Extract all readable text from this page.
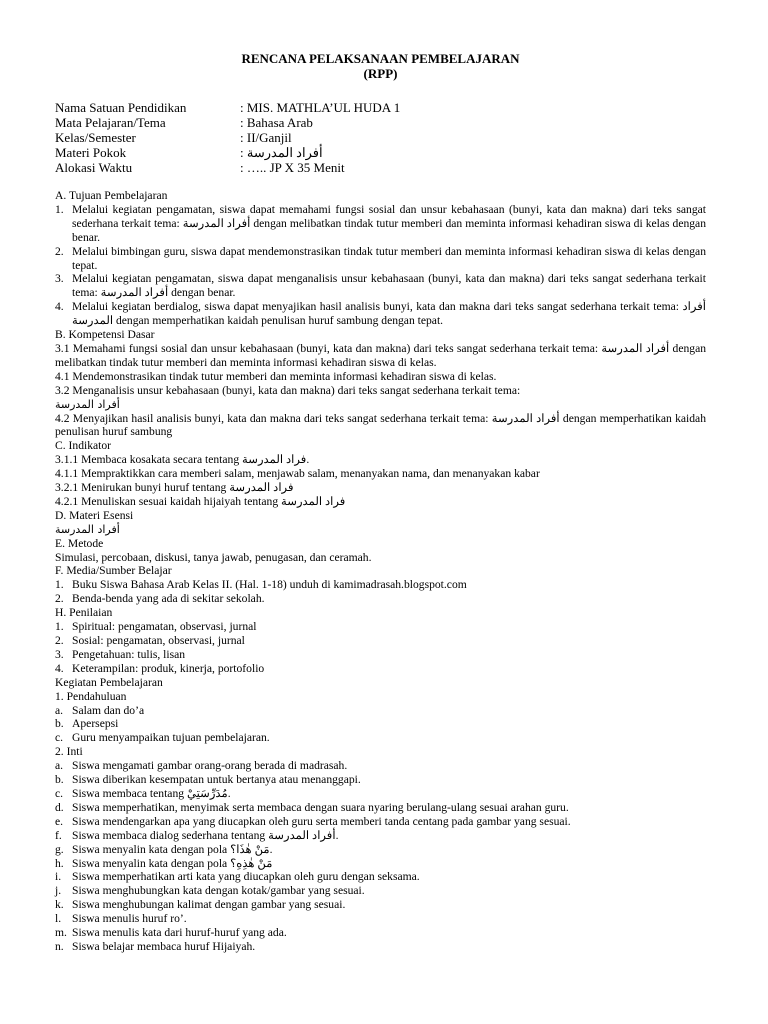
RENCANA PELAKSANAAN PEMBELAJARAN
(RPP)
Nama Satuan Pendidikan	: MIS. MATHLA’UL HUDA 1
Mata Pelajaran/Tema	: Bahasa Arab
Kelas/Semester	: II/Ganjil
Materi Pokok	: أفراد المدرسة
Alokasi Waktu	: ….. JP X 35 Menit
A. Tujuan Pembelajaran
1. Melalui kegiatan pengamatan, siswa dapat memahami fungsi sosial dan unsur kebahasaan (bunyi, kata dan makna) dari teks sangat sederhana terkait tema: أفراد المدرسة dengan melibatkan tindak tutur memberi dan meminta informasi kehadiran siswa di kelas dengan benar.
2. Melalui bimbingan guru, siswa dapat mendemonstrasikan tindak tutur memberi dan meminta informasi kehadiran siswa di kelas dengan tepat.
3. Melalui kegiatan pengamatan, siswa dapat menganalisis unsur kebahasaan (bunyi, kata dan makna) dari teks sangat sederhana terkait tema: أفراد المدرسة dengan benar.
4. Melalui kegiatan berdialog, siswa dapat menyajikan hasil analisis bunyi, kata dan makna dari teks sangat sederhana terkait tema: أفراد المدرسة dengan memperhatikan kaidah penulisan huruf sambung dengan tepat.
B. Kompetensi Dasar
3.1 Memahami fungsi sosial dan unsur kebahasaan (bunyi, kata dan makna) dari teks sangat sederhana terkait tema: أفراد المدرسة dengan melibatkan tindak tutur memberi dan meminta informasi kehadiran siswa di kelas.
4.1 Mendemonstrasikan tindak tutur memberi dan meminta informasi kehadiran siswa di kelas.
3.2 Menganalisis unsur kebahasaan (bunyi, kata dan makna) dari teks sangat sederhana terkait tema:
أفراد المدرسة
4.2 Menyajikan hasil analisis bunyi, kata dan makna dari teks sangat sederhana terkait tema: أفراد المدرسة dengan memperhatikan kaidah penulisan huruf sambung
C. Indikator
3.1.1 Membaca kosakata secara tentang فراد المدرسة.
4.1.1 Mempraktikkan cara memberi salam, menjawab salam, menanyakan nama, dan menanyakan kabar
3.2.1 Menirukan bunyi huruf tentang فراد المدرسة
4.2.1 Menuliskan sesuai kaidah hijaiyah tentang فراد المدرسة
D. Materi Esensi
أفراد المدرسة
E. Metode
Simulasi, percobaan, diskusi, tanya jawab, penugasan, dan ceramah.
F. Media/Sumber Belajar
1. Buku Siswa Bahasa Arab Kelas II. (Hal. 1-18) unduh di kamimadrasah.blogspot.com
2. Benda-benda yang ada di sekitar sekolah.
H. Penilaian
1. Spiritual: pengamatan, observasi, jurnal
2. Sosial: pengamatan, observasi, jurnal
3. Pengetahuan: tulis, lisan
4. Keterampilan: produk, kinerja, portofolio
Kegiatan Pembelajaran
1. Pendahuluan
a. Salam dan do’a
b. Apersepsi
c. Guru menyampaikan tujuan pembelajaran.
2. Inti
a. Siswa mengamati gambar orang-orang berada di madrasah.
b. Siswa diberikan kesempatan untuk bertanya atau menanggapi.
c. Siswa membaca tentang مُدَرِّسَتِيْ.
d. Siswa memperhatikan, menyimak serta membaca dengan suara nyaring berulang-ulang sesuai arahan guru.
e. Siswa mendengarkan apa yang diucapkan oleh guru serta memberi tanda centang pada gambar yang sesuai.
f. Siswa membaca dialog sederhana tentang أفراد المدرسة.
g. Siswa menyalin kata dengan pola مَنْ هٰذَا؟.
h. Siswa menyalin kata dengan pola مَنْ هٰذِهِ؟
i. Siswa memperhatikan arti kata yang diucapkan oleh guru dengan seksama.
j. Siswa menghubungkan kata dengan kotak/gambar yang sesuai.
k. Siswa menghubungan kalimat dengan gambar yang sesuai.
l. Siswa menulis huruf ro’.
m. Siswa menulis kata dari huruf-huruf yang ada.
n. Siswa belajar membaca huruf Hijaiyah.
